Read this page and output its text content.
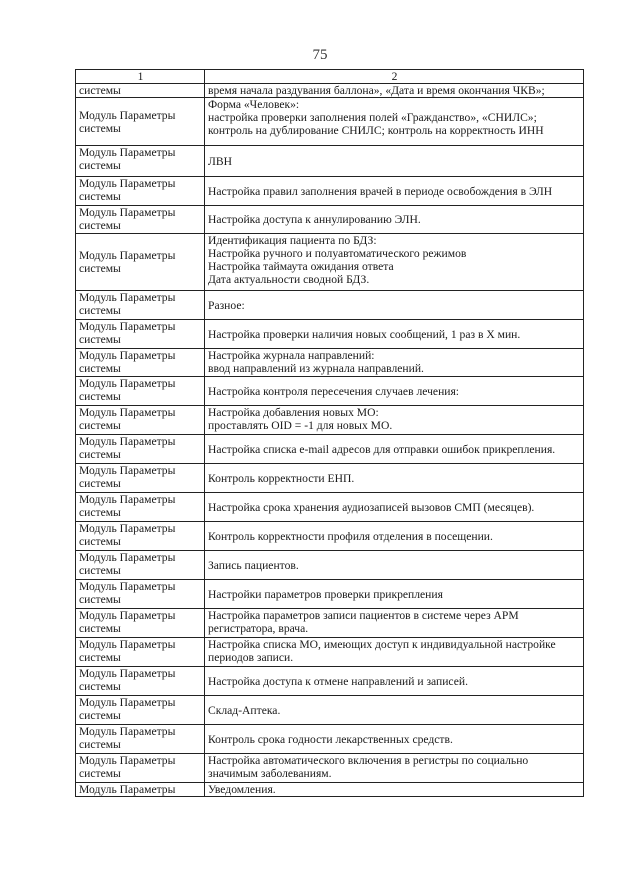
75
1	2

системы	время начала раздувания баллона», «Дата и время окончания ЧКВ»;

Модуль Параметры
системы	Форма «Человек»:
настройка проверки заполнения полей «Гражданство», «СНИЛС»;
контроль на дублирование СНИЛС; контроль на корректность ИНН

Модуль Параметры
системы	ЛВН

Модуль Параметры
системы	Настройка правил заполнения врачей в периоде освобождения в ЭЛН

Модуль Параметры
системы	Настройка доступа к аннулированию ЭЛН.

Модуль Параметры
системы	Идентификация пациента по БДЗ:
Настройка ручного и полуавтоматического режимов
Настройка таймаута ожидания ответа
Дата актуальности сводной БДЗ.

Модуль Параметры
системы	Разное:

Модуль Параметры
системы	Настройка проверки наличия новых сообщений, 1 раз в X мин.

Модуль Параметры
системы	Настройка журнала направлений:
ввод направлений из журнала направлений.

Модуль Параметры
системы	Настройка контроля пересечения случаев лечения:

Модуль Параметры
системы	Настройка добавления новых МО:
проставлять OID = -1 для новых МО.

Модуль Параметры
системы	Настройка списка e-mail адресов для отправки ошибок прикрепления.

Модуль Параметры
системы	Контроль корректности ЕНП.

Модуль Параметры
системы	Настройка срока хранения аудиозаписей вызовов СМП (месяцев).

Модуль Параметры
системы	Контроль корректности профиля отделения в посещении.

Модуль Параметры
системы	Запись пациентов.

Модуль Параметры
системы	Настройки параметров проверки прикрепления

Модуль Параметры
системы	Настройка параметров записи пациентов в системе через АРМ
регистратора, врача.

Модуль Параметры
системы	Настройка списка МО, имеющих доступ к индивидуальной настройке
периодов записи.

Модуль Параметры
системы	Настройка доступа к отмене направлений и записей.

Модуль Параметры
системы	Склад-Аптека.

Модуль Параметры
системы	Контроль срока годности лекарственных средств.

Модуль Параметры
системы	Настройка автоматического включения в регистры по социально
значимым заболеваниям.

Модуль Параметры	Уведомления.
